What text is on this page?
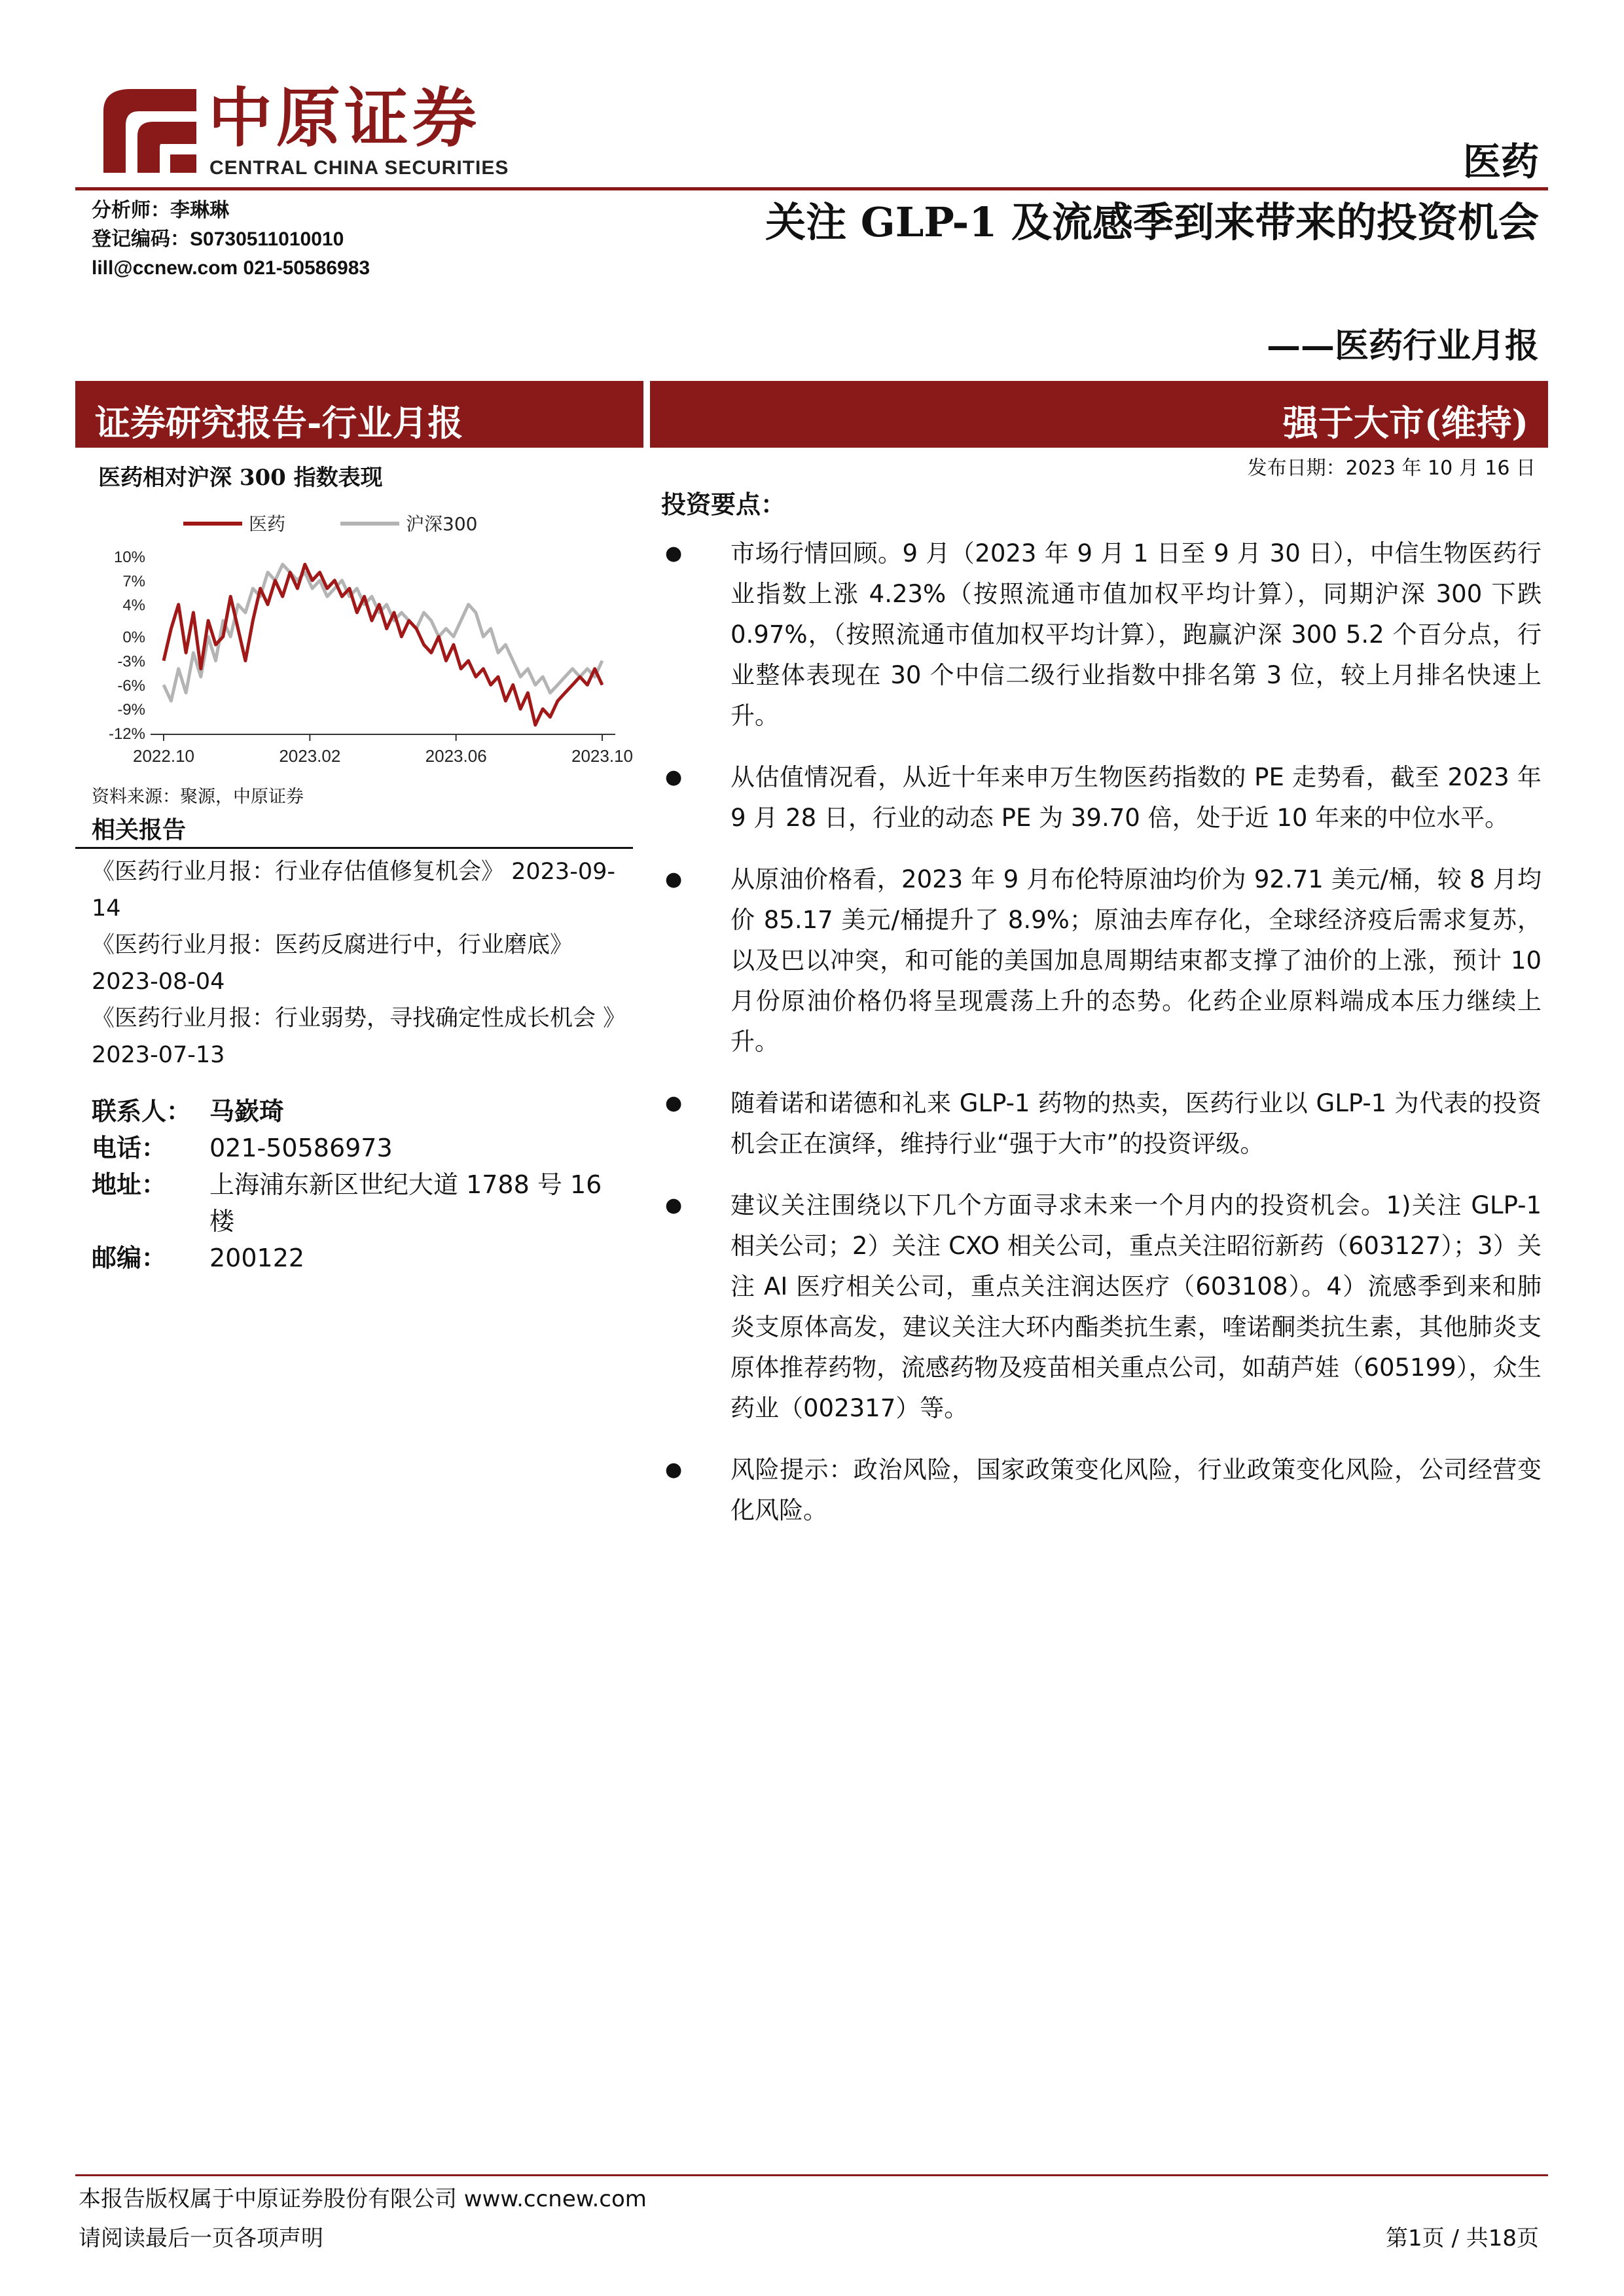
中原证券
CENTRAL CHINA SECURITIES	医药
分析师：李琳琳
登记编码：S0730511010010
lill@ccnew.com 021-50586983
关注 GLP-1 及流感季到来带来的投资机会
——医药行业月报
证券研究报告-行业月报	强于大市(维持)
发布日期：2023 年 10 月 16 日
医药相对沪深 300 指数表现
医药	沪深300
10%
7%
4%
0%
-3%
-6%
-9%
-12%
2022.10	2023.02	2023.06	2023.10
资料来源：聚源，中原证券
相关报告
《医药行业月报：行业存估值修复机会》 2023-09-14
《医药行业月报：医药反腐进行中，行业磨底》 2023-08-04
《医药行业月报：行业弱势，寻找确定性成长机会 》 2023-07-13
联系人： 马嶔琦
电话：	021-50586973
地址：	上海浦东新区世纪大道 1788 号 16 楼
邮编：	200122
投资要点：
●	市场行情回顾。9 月（2023 年 9 月 1 日至 9 月 30 日），中信生物医药行业指数上涨 4.23%（按照流通市值加权平均计算），同期沪深 300 下跌 0.97%，（按照流通市值加权平均计算），跑赢沪深 300 5.2 个百分点，行业整体表现在 30 个中信二级行业指数中排名第 3 位，较上月排名快速上升。
●	从估值情况看，从近十年来申万生物医药指数的 PE 走势看，截至 2023 年 9 月 28 日，行业的动态 PE 为 39.70 倍，处于近 10 年来的中位水平。
●	从原油价格看，2023 年 9 月布伦特原油均价为 92.71 美元/桶，较 8 月均价 85.17 美元/桶提升了 8.9%；原油去库存化，全球经济疫后需求复苏，以及巴以冲突，和可能的美国加息周期结束都支撑了油价的上涨，预计 10 月份原油价格仍将呈现震荡上升的态势。化药企业原料端成本压力继续上升。
●	随着诺和诺德和礼来 GLP-1 药物的热卖，医药行业以 GLP-1 为代表的投资机会正在演绎，维持行业“强于大市”的投资评级。
●	建议关注围绕以下几个方面寻求未来一个月内的投资机会。1)关注 GLP-1 相关公司；2）关注 CXO 相关公司，重点关注昭衍新药（603127）；3）关注 AI 医疗相关公司，重点关注润达医疗（603108）。4）流感季到来和肺炎支原体高发，建议关注大环内酯类抗生素，喹诺酮类抗生素，其他肺炎支原体推荐药物，流感药物及疫苗相关重点公司，如葫芦娃（605199），众生药业（002317）等。
●	风险提示：政治风险，国家政策变化风险，行业政策变化风险，公司经营变化风险。
本报告版权属于中原证券股份有限公司 www.ccnew.com
请阅读最后一页各项声明	第1页 / 共18页
